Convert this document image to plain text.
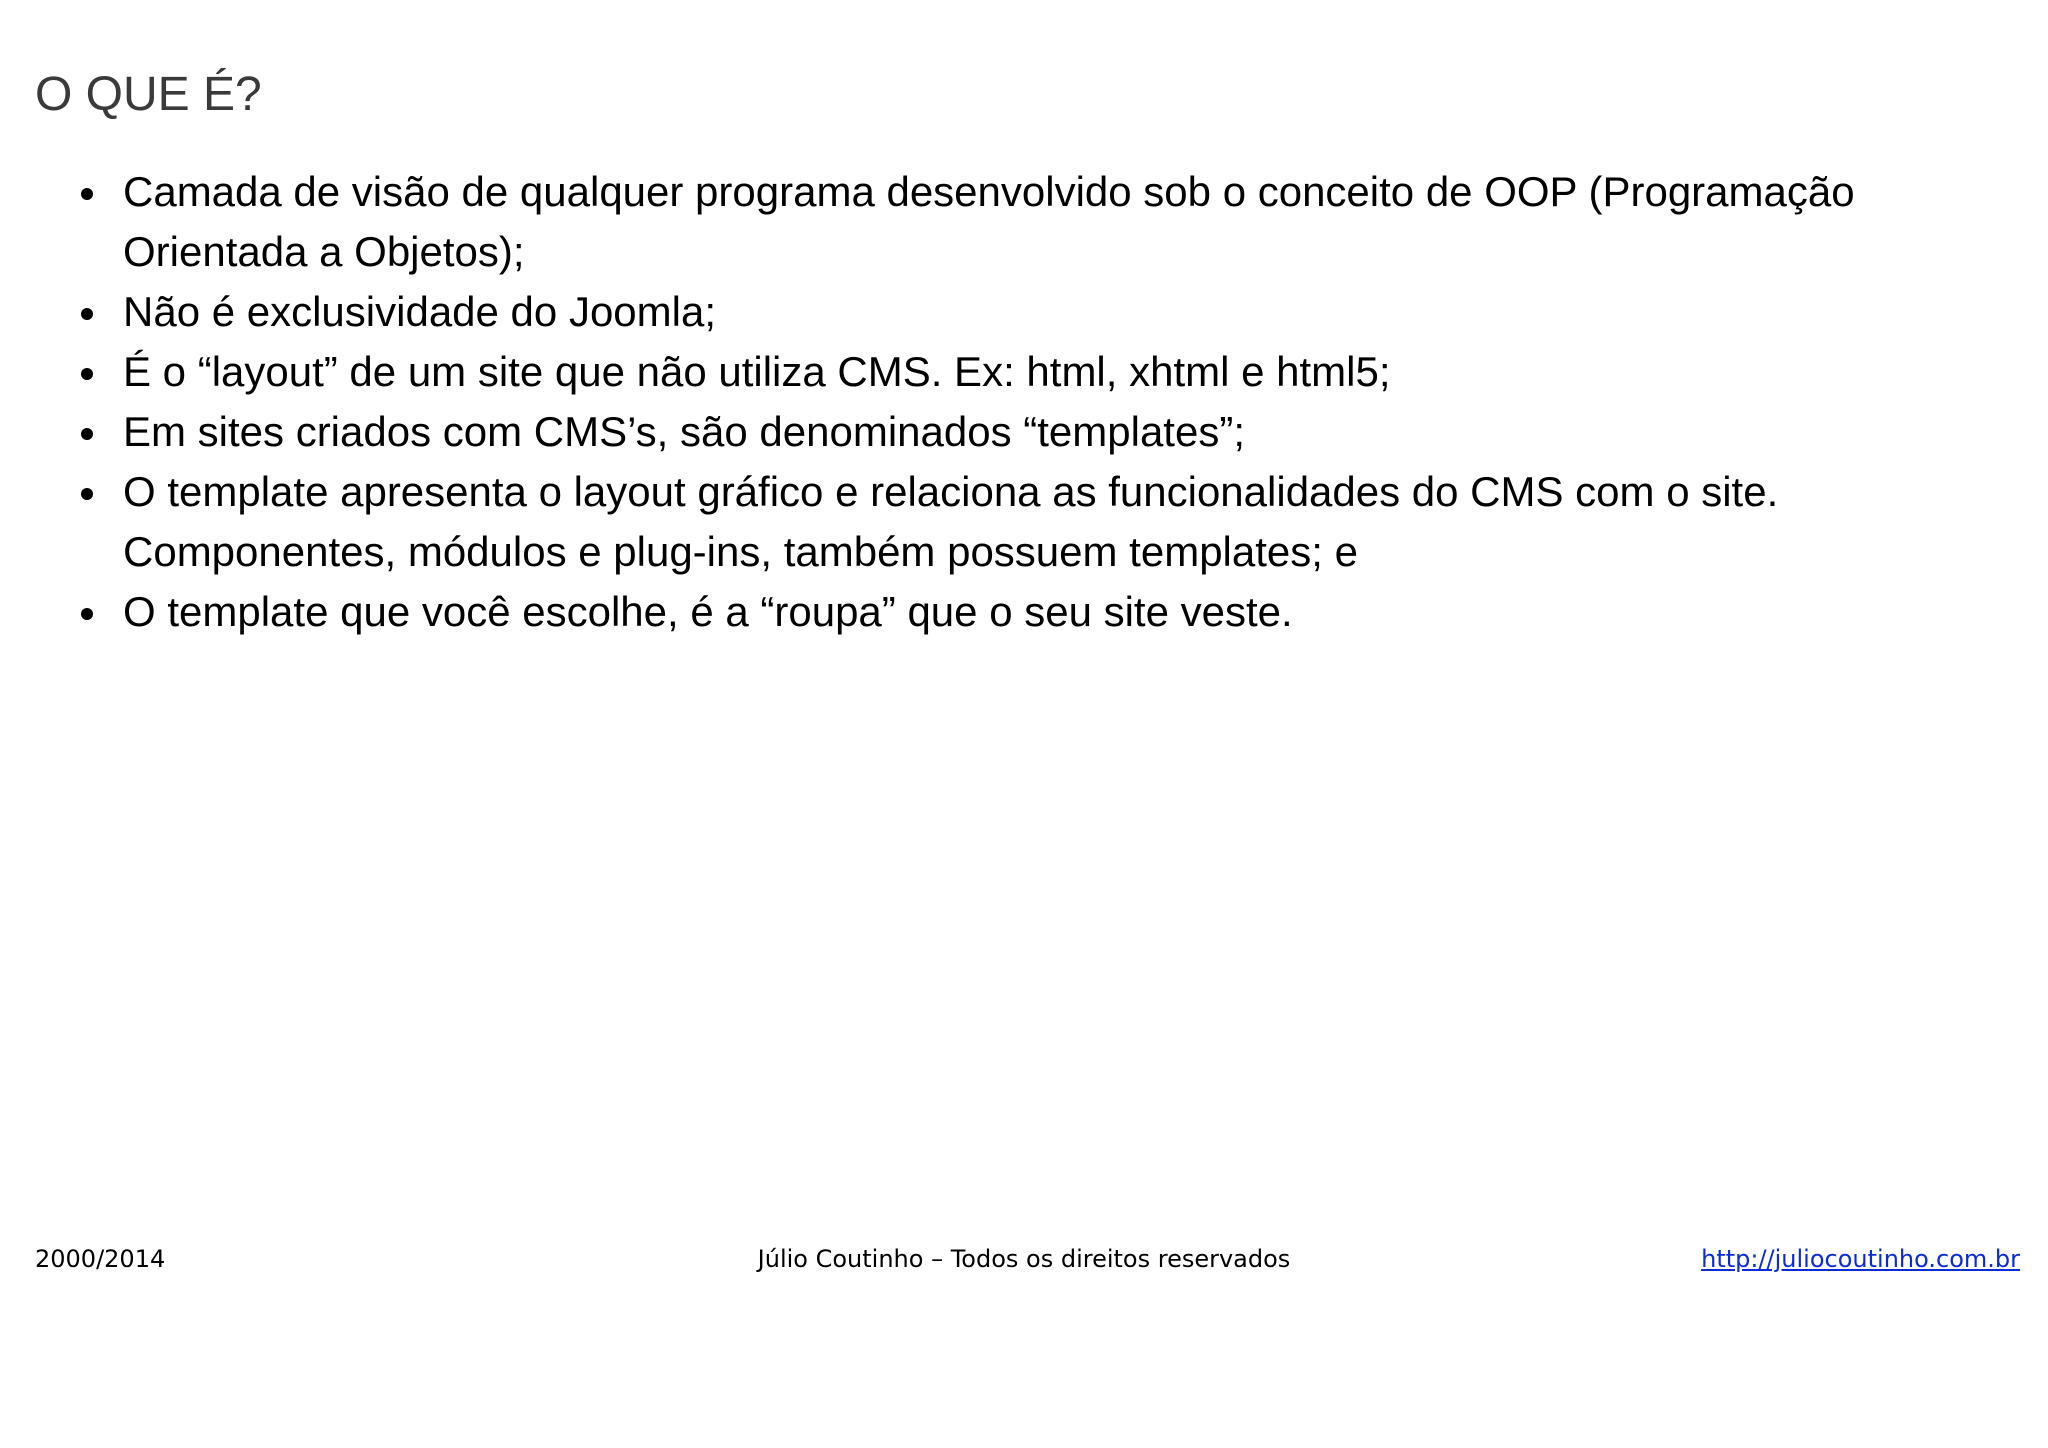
O QUE É?
Camada de visão de qualquer programa desenvolvido sob o conceito de OOP (Programação Orientada a Objetos);
Não é exclusividade do Joomla;
É o “layout” de um site que não utiliza CMS. Ex: html, xhtml e html5;
Em sites criados com CMS’s, são denominados “templates”;
O template apresenta o layout gráfico e relaciona as funcionalidades do CMS com o site. Componentes, módulos e plug-ins, também possuem templates; e
O template que você escolhe, é a “roupa” que o seu site veste.
2000/2014	Júlio Coutinho – Todos os direitos reservados	http://juliocoutinho.com.br
